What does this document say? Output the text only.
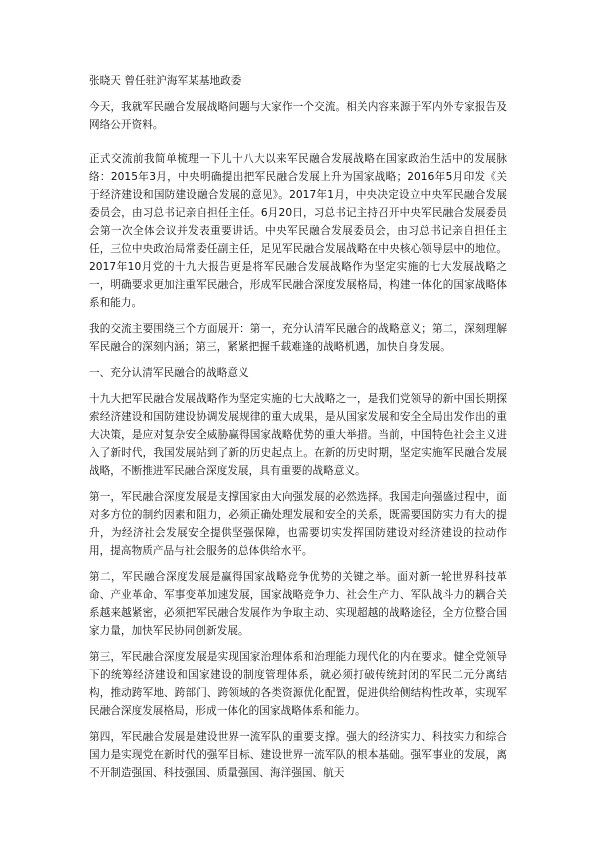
张晓天 曾任驻沪海军某基地政委

今天，我就军民融合发展战略问题与大家作一个交流。相关内容来源于军内外专家报告及网络公开资料。

正式交流前我简单梳理一下儿十八大以来军民融合发展战略在国家政治生活中的发展脉络：2015年3月，中央明确提出把军民融合发展上升为国家战略；2016年5月印发《关于经济建设和国防建设融合发展的意见》。2017年1月，中央决定设立中央军民融合发展委员会，由习总书记亲自担任主任。6月20日，习总书记主持召开中央军民融合发展委员会第一次全体会议并发表重要讲话。中央军民融合发展委员会，由习总书记亲自担任主任，三位中央政治局常委任副主任，足见军民融合发展战略在中央核心领导层中的地位。2017年10月党的十九大报告更是将军民融合发展战略作为坚定实施的七大发展战略之一，明确要求更加注重军民融合，形成军民融合深度发展格局，构建一体化的国家战略体系和能力。

我的交流主要围绕三个方面展开：第一，充分认清军民融合的战略意义；第二，深刻理解军民融合的深刻内涵；第三，紧紧把握千载难逢的战略机遇，加快自身发展。

一、充分认清军民融合的战略意义

十九大把军民融合发展战略作为坚定实施的七大战略之一，是我们党领导的新中国长期探索经济建设和国防建设协调发展规律的重大成果，是从国家发展和安全全局出发作出的重大决策，是应对复杂安全威胁赢得国家战略优势的重大举措。当前，中国特色社会主义进入了新时代，我国发展站到了新的历史起点上。在新的历史时期，坚定实施军民融合发展战略，不断推进军民融合深度发展，具有重要的战略意义。

第一，军民融合深度发展是支撑国家由大向强发展的必然选择。我国走向强盛过程中，面对多方位的制约因素和阻力，必须正确处理发展和安全的关系，既需要国防实力有大的提升，为经济社会发展安全提供坚强保障，也需要切实发挥国防建设对经济建设的拉动作用，提高物质产品与社会服务的总体供给水平。

第二，军民融合深度发展是赢得国家战略竞争优势的关键之举。面对新一轮世界科技革命、产业革命、军事变革加速发展，国家战略竞争力、社会生产力、军队战斗力的耦合关系越来越紧密，必须把军民融合发展作为争取主动、实现超越的战略途径，全方位整合国家力量，加快军民协同创新发展。

第三，军民融合深度发展是实现国家治理体系和治理能力现代化的内在要求。健全党领导下的统筹经济建设和国家建设的制度管理体系，就必须打破传统封闭的军民二元分离结构，推动跨军地、跨部门、跨领域的各类资源优化配置，促进供给侧结构性改革，实现军民融合深度发展格局，形成一体化的国家战略体系和能力。

第四，军民融合发展是建设世界一流军队的重要支撑。强大的经济实力、科技实力和综合国力是实现党在新时代的强军目标、建设世界一流军队的根本基础。强军事业的发展，离不开制造强国、科技强国、质量强国、海洋强国、航天
